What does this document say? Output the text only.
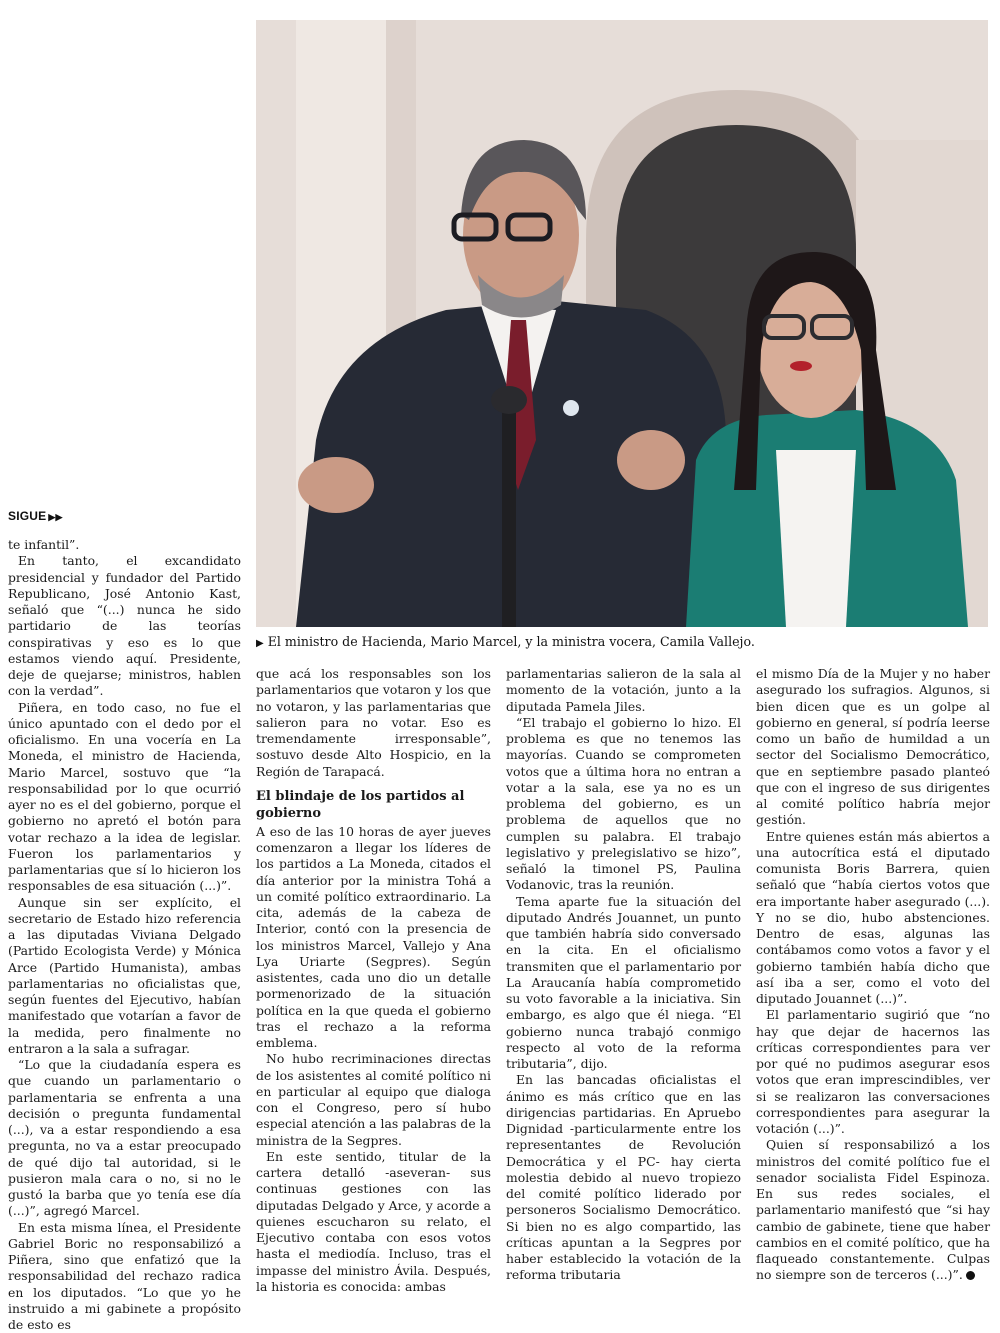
SIGUE ▶▶
▶ El ministro de Hacienda, Mario Marcel, y la ministra vocera, Camila Vallejo.

te infantil”.

En tanto, el excandidato presidencial y fundador del Partido Republicano, José Antonio Kast, señaló que “(...) nunca he sido partidario de las teorías conspirativas y eso es lo que estamos viendo aquí. Presidente, deje de quejarse; ministros, hablen con la verdad”.

Piñera, en todo caso, no fue el único apuntado con el dedo por el oficialismo. En una vocería en La Moneda, el ministro de Hacienda, Mario Marcel, sostuvo que “la responsabilidad por lo que ocurrió ayer no es el del gobierno, porque el gobierno no apretó el botón para votar rechazo a la idea de legislar. Fueron los parlamentarios y parlamentarias que sí lo hicieron los responsables de esa situación (...)”.

Aunque sin ser explícito, el secretario de Estado hizo referencia a las diputadas Viviana Delgado (Partido Ecologista Verde) y Mónica Arce (Partido Humanista), ambas parlamentarias no oficialistas que, según fuentes del Ejecutivo, habían manifestado que votarían a favor de la medida, pero finalmente no entraron a la sala a sufragar.

“Lo que la ciudadanía espera es que cuando un parlamentario o parlamentaria se enfrenta a una decisión o pregunta fundamental (...), va a estar respondiendo a esa pregunta, no va a estar preocupado de qué dijo tal autoridad, si le pusieron mala cara o no, si no le gustó la barba que yo tenía ese día (...)”, agregó Marcel.

En esta misma línea, el Presidente Gabriel Boric no responsabilizó a Piñera, sino que enfatizó que la responsabilidad del rechazo radica en los diputados. “Lo que yo he instruido a mi gabinete a propósito de esto es

que acá los responsables son los parlamentarios que votaron y los que no votaron, y las parlamentarias que salieron para no votar. Eso es tremendamente irresponsable”, sostuvo desde Alto Hospicio, en la Región de Tarapacá.

El blindaje de los partidos al gobierno

A eso de las 10 horas de ayer jueves comenzaron a llegar los líderes de los partidos a La Moneda, citados el día anterior por la ministra Tohá a un comité político extraordinario. La cita, además de la cabeza de Interior, contó con la presencia de los ministros Marcel, Vallejo y Ana Lya Uriarte (Segpres). Según asistentes, cada uno dio un detalle pormenorizado de la situación política en la que queda el gobierno tras el rechazo a la reforma emblema.

No hubo recriminaciones directas de los asistentes al comité político ni en particular al equipo que dialoga con el Congreso, pero sí hubo especial atención a las palabras de la ministra de la Segpres.

En este sentido, titular de la cartera detalló -aseveran- sus continuas gestiones con las diputadas Delgado y Arce, y acorde a quienes escucharon su relato, el Ejecutivo contaba con esos votos hasta el mediodía. Incluso, tras el impasse del ministro Ávila. Después, la historia es conocida: ambas

parlamentarias salieron de la sala al momento de la votación, junto a la diputada Pamela Jiles.

“El trabajo el gobierno lo hizo. El problema es que no tenemos las mayorías. Cuando se comprometen votos que a última hora no entran a votar a la sala, ese ya no es un problema del gobierno, es un problema de aquellos que no cumplen su palabra. El trabajo legislativo y prelegislativo se hizo”, señaló la timonel PS, Paulina Vodanovic, tras la reunión.

Tema aparte fue la situación del diputado Andrés Jouannet, un punto que también habría sido conversado en la cita. En el oficialismo transmiten que el parlamentario por La Araucanía había comprometido su voto favorable a la iniciativa. Sin embargo, es algo que él niega. “El gobierno nunca trabajó conmigo respecto al voto de la reforma tributaria”, dijo.

En las bancadas oficialistas el ánimo es más crítico que en las dirigencias partidarias. En Apruebo Dignidad -particularmente entre los representantes de Revolución Democrática y el PC- hay cierta molestia debido al nuevo tropiezo del comité político liderado por personeros Socialismo Democrático. Si bien no es algo compartido, las críticas apuntan a la Segpres por haber establecido la votación de la reforma tributaria

el mismo Día de la Mujer y no haber asegurado los sufragios. Algunos, si bien dicen que es un golpe al gobierno en general, sí podría leerse como un baño de humildad a un sector del Socialismo Democrático, que en septiembre pasado planteó que con el ingreso de sus dirigentes al comité político habría mejor gestión.

Entre quienes están más abiertos a una autocrítica está el diputado comunista Boris Barrera, quien señaló que “había ciertos votos que era importante haber asegurado (...). Y no se dio, hubo abstenciones. Dentro de esas, algunas las contábamos como votos a favor y el gobierno también había dicho que así iba a ser, como el voto del diputado Jouannet (...)”.

El parlamentario sugirió que “no hay que dejar de hacernos las críticas correspondientes para ver por qué no pudimos asegurar esos votos que eran imprescindibles, ver si se realizaron las conversaciones correspondientes para asegurar la votación (...)”.

Quien sí responsabilizó a los ministros del comité político fue el senador socialista Fidel Espinoza. En sus redes sociales, el parlamentario manifestó que “si hay cambio de gabinete, tiene que haber cambios en el comité político, que ha flaqueado constantemente. Culpas no siempre son de terceros (...)”.
